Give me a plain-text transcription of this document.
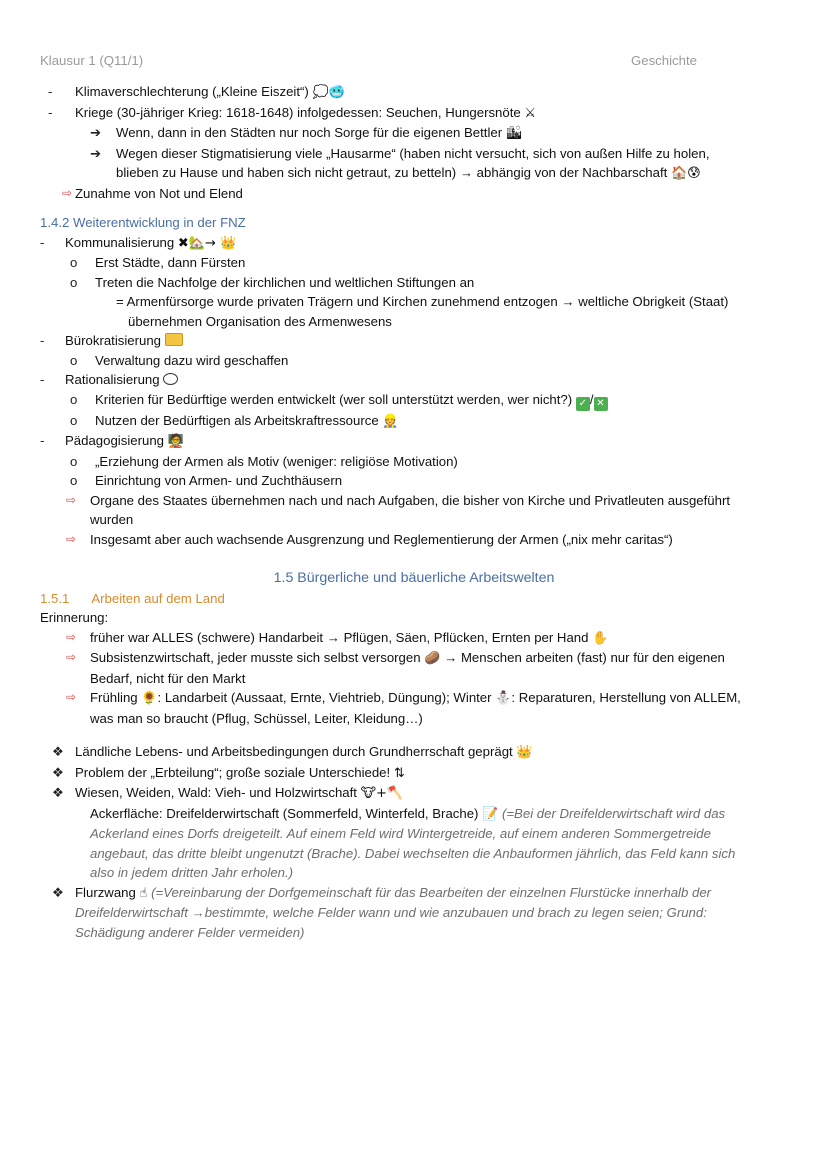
Klausur 1 (Q11/1)	Geschichte
- Klimaverschlechterung („Kleine Eiszeit“) 💭🥶
- Kriege (30-jähriger Krieg: 1618-1648) infolgedessen: Seuchen, Hungersnöte ⚔
➔ Wenn, dann in den Städten nur noch Sorge für die eigenen Bettler 🏙
➔ Wegen dieser Stigmatisierung viele „Hausarme“ (haben nicht versucht, sich von außen Hilfe zu holen,
blieben zu Hause und haben sich nicht getraut, zu betteln) → abhängig von der Nachbarschaft 🏠😰
⇨ Zunahme von Not und Elend
1.4.2 Weiterentwicklung in der FNZ
- Kommunalisierung ✖🏡→ 👑
o Erst Städte, dann Fürsten
o Treten die Nachfolge der kirchlichen und weltlichen Stiftungen an
= Armenfürsorge wurde privaten Trägern und Kirchen zunehmend entzogen → weltliche Obrigkeit (Staat)
übernehmen Organisation des Armenwesens
- Bürokratisierung
o Verwaltung dazu wird geschaffen
- Rationalisierung
o Kriterien für Bedürftige werden entwickelt (wer soll unterstützt werden, wer nicht?) ✓ / ✕
o Nutzen der Bedürftigen als Arbeitskraftressource 👷
- Pädagogisierung 🧑‍🏫
o „Erziehung der Armen als Motiv (weniger: religiöse Motivation)
o Einrichtung von Armen- und Zuchthäusern
⇨ Organe des Staates übernehmen nach und nach Aufgaben, die bisher von Kirche und Privatleuten ausgeführt
wurden
⇨ Insgesamt aber auch wachsende Ausgrenzung und Reglementierung der Armen („nix mehr caritas“)
1.5 Bürgerliche und bäuerliche Arbeitswelten
1.5.1 Arbeiten auf dem Land
Erinnerung:
⇨ früher war ALLES (schwere) Handarbeit → Pflügen, Säen, Pflücken, Ernten per Hand ✋
⇨ Subsistenzwirtschaft, jeder musste sich selbst versorgen 🥔 → Menschen arbeiten (fast) nur für den eigenen
Bedarf, nicht für den Markt
⇨ Frühling 🌻: Landarbeit (Aussaat, Ernte, Viehtrieb, Düngung); Winter ⛄: Reparaturen, Herstellung von ALLEM,
was man so braucht (Pflug, Schüssel, Leiter, Kleidung…)
❖ Ländliche Lebens- und Arbeitsbedingungen durch Grundherrschaft geprägt 👑
❖ Problem der „Erbteilung“; große soziale Unterschiede! ⇅
❖ Wiesen, Weiden, Wald: Vieh- und Holzwirtschaft 🐮+🪓
Ackerfläche: Dreifelderwirtschaft (Sommerfeld, Winterfeld, Brache) 📝 (=Bei der Dreifelderwirtschaft wird das
Ackerland eines Dorfs dreigeteilt. Auf einem Feld wird Wintergetreide, auf einem anderen Sommergetreide
angebaut, das dritte bleibt ungenutzt (Brache). Dabei wechselten die Anbauformen jährlich, das Feld kann sich
also in jedem dritten Jahr erholen.)
❖ Flurzwang ☝ (=Vereinbarung der Dorfgemeinschaft für das Bearbeiten der einzelnen Flurstücke innerhalb der
Dreifelderwirtschaft →bestimmte, welche Felder wann und wie anzubauen und brach zu legen seien; Grund:
Schädigung anderer Felder vermeiden)
